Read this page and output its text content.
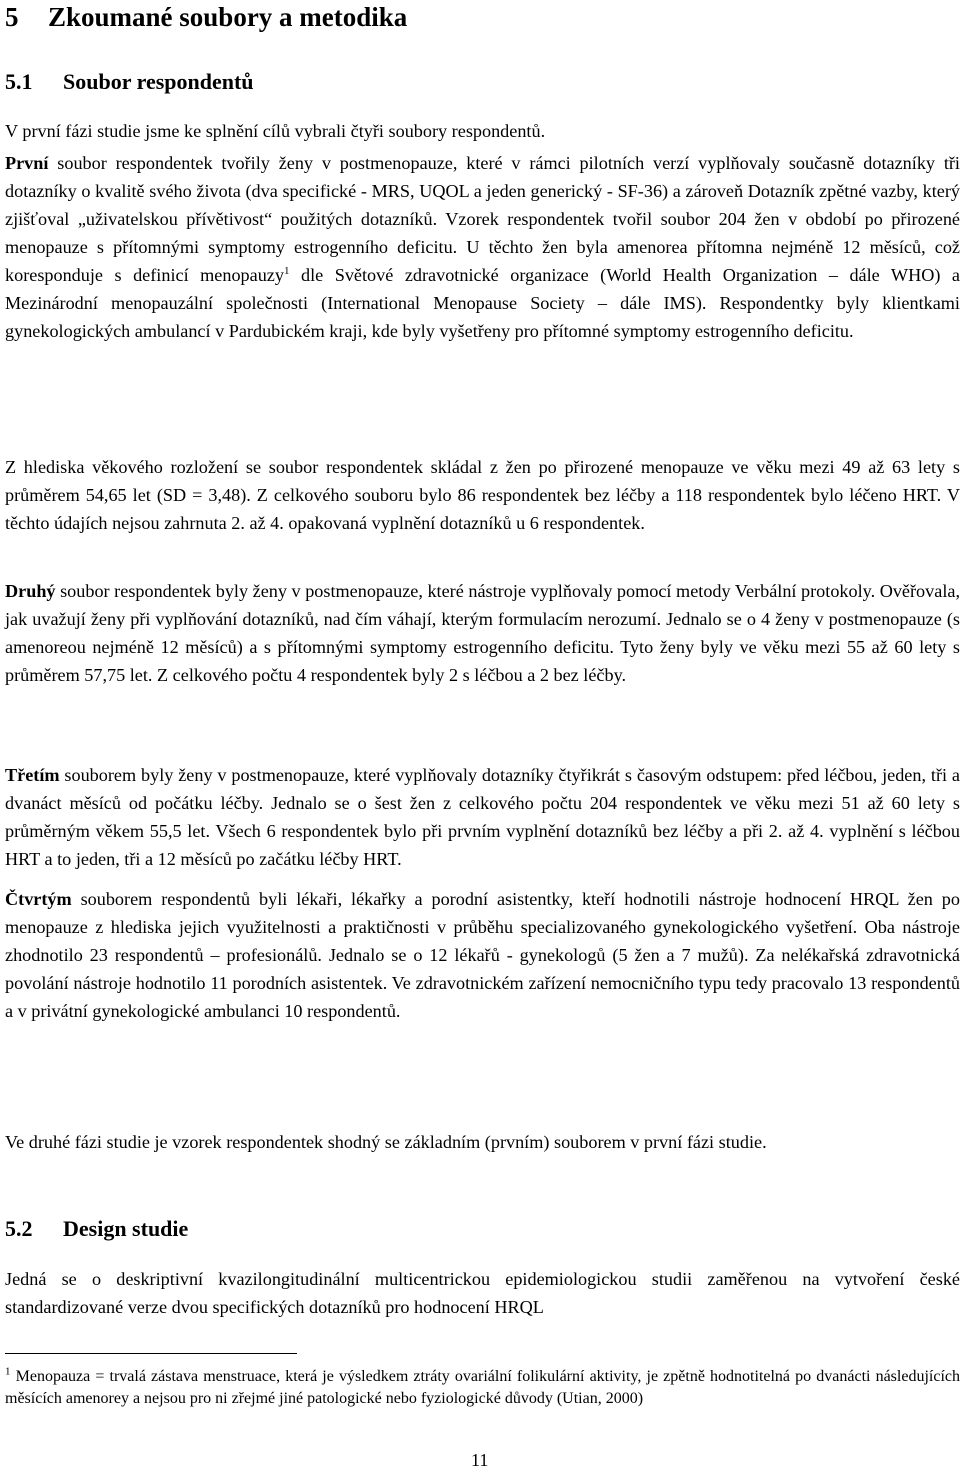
5 Zkoumané soubory a metodika
5.1 Soubor respondentů

V první fázi studie jsme ke splnění cílů vybrali čtyři soubory respondentů.

První soubor respondentek tvořily ženy v postmenopauze, které v rámci pilotních verzí vyplňovaly současně dotazníky tři dotazníky o kvalitě svého života (dva specifické - MRS, UQOL a jeden generický - SF-36) a zároveň Dotazník zpětné vazby, který zjišťoval „uživatelskou přívětivost“ použitých dotazníků. Vzorek respondentek tvořil soubor 204 žen v období po přirozené menopauze s přítomnými symptomy estrogenního deficitu. U těchto žen byla amenorea přítomna nejméně 12 měsíců, což koresponduje s definicí menopauzy$^1$ dle Světové zdravotnické organizace (World Health Organization – dále WHO) a Mezinárodní menopauzální společnosti (International Menopause Society – dále IMS). Respondentky byly klientkami gynekologických ambulancí v Pardubickém kraji, kde byly vyšetřeny pro přítomné symptomy estrogenního deficitu.

Z hlediska věkového rozložení se soubor respondentek skládal z žen po přirozené menopauze ve věku mezi 49 až 63 lety s průměrem 54,65 let (SD = 3,48). Z celkového souboru bylo 86 respondentek bez léčby a 118 respondentek bylo léčeno HRT. V těchto údajích nejsou zahrnuta 2. až 4. opakovaná vyplnění dotazníků u 6 respondentek.

Druhý soubor respondentek byly ženy v postmenopauze, které nástroje vyplňovaly pomocí metody Verbální protokoly. Ověřovala, jak uvažují ženy při vyplňování dotazníků, nad čím váhají, kterým formulacím nerozumí. Jednalo se o 4 ženy v postmenopauze (s amenoreou nejméně 12 měsíců) a s přítomnými symptomy estrogenního deficitu. Tyto ženy byly ve věku mezi 55 až 60 lety s průměrem 57,75 let. Z celkového počtu 4 respondentek byly 2 s léčbou a 2 bez léčby.

Třetím souborem byly ženy v postmenopauze, které vyplňovaly dotazníky čtyřikrát s časovým odstupem: před léčbou, jeden, tři a dvanáct měsíců od počátku léčby. Jednalo se o šest žen z celkového počtu 204 respondentek ve věku mezi 51 až 60 lety s průměrným věkem 55,5 let. Všech 6 respondentek bylo při prvním vyplnění dotazníků bez léčby a při 2. až 4. vyplnění s léčbou HRT a to jeden, tři a 12 měsíců po začátku léčby HRT.

Čtvrtým souborem respondentů byli lékaři, lékařky a porodní asistentky, kteří hodnotili nástroje hodnocení HRQL žen po menopauze z hlediska jejich využitelnosti a praktičnosti v průběhu specializovaného gynekologického vyšetření. Oba nástroje zhodnotilo 23 respondentů – profesionálů. Jednalo se o 12 lékařů - gynekologů (5 žen a 7 mužů). Za nelékařská zdravotnická povolání nástroje hodnotilo 11 porodních asistentek. Ve zdravotnickém zařízení nemocničního typu tedy pracovalo 13 respondentů a v privátní gynekologické ambulanci 10 respondentů.

Ve druhé fázi studie je vzorek respondentek shodný se základním (prvním) souborem v první fázi studie.

5.2 Design studie

Jedná se o deskriptivní kvazilongitudinální multicentrickou epidemiologickou studii zaměřenou na vytvoření české standardizované verze dvou specifických dotazníků pro hodnocení HRQL

$^1$ Menopauza = trvalá zástava menstruace, která je výsledkem ztráty ovariální folikulární aktivity, je zpětně hodnotitelná po dvanácti následujících měsících amenorey a nejsou pro ni zřejmé jiné patologické nebo fyziologické důvody (Utian, 2000)
11
